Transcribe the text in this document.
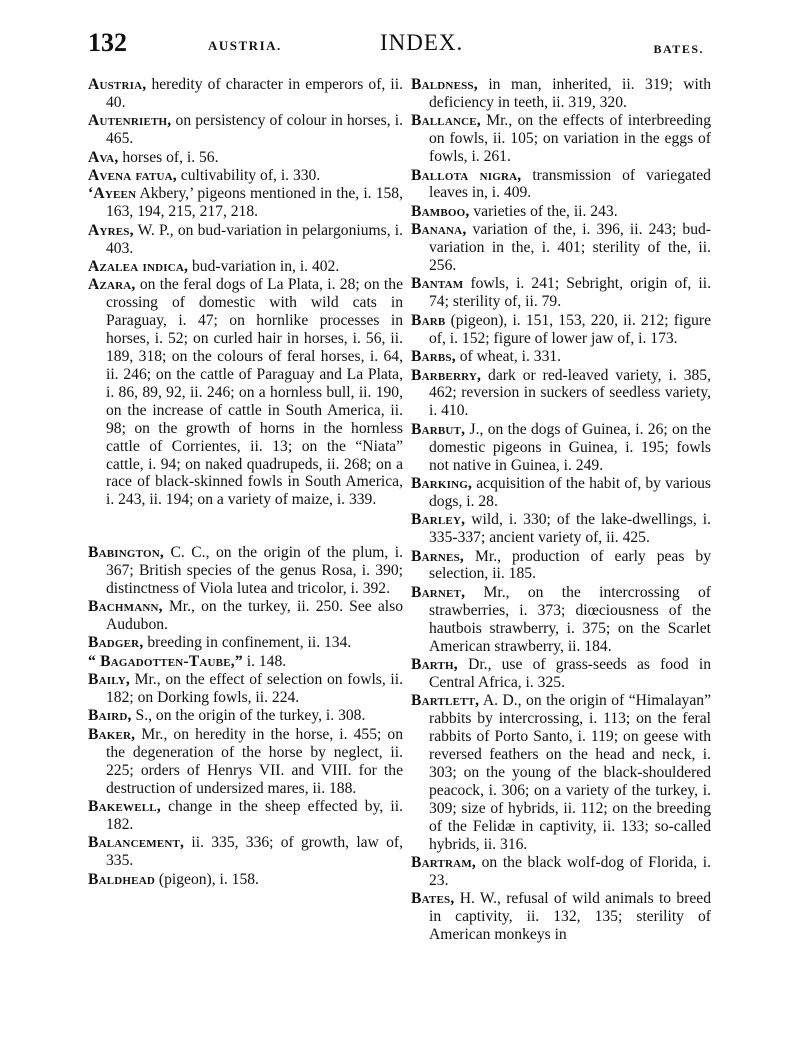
132	AUSTRIA.	INDEX.	BATES.

Austria, heredity of character in emperors of, ii. 40.

Autenrieth, on persistency of colour in horses, i. 465.

Ava, horses of, i. 56.

Avena fatua, cultivability of, i. 330.

‘Ayeen Akbery,’ pigeons mentioned in the, i. 158, 163, 194, 215, 217, 218.

Ayres, W. P., on bud-variation in pelargoniums, i. 403.

Azalea indica, bud-variation in, i. 402.

Azara, on the feral dogs of La Plata, i. 28; on the crossing of domestic with wild cats in Paraguay, i. 47; on hornlike processes in horses, i. 52; on curled hair in horses, i. 56, ii. 189, 318; on the colours of feral horses, i. 64, ii. 246; on the cattle of Paraguay and La Plata, i. 86, 89, 92, ii. 246; on a hornless bull, ii. 190, on the increase of cattle in South America, ii. 98; on the growth of horns in the hornless cattle of Corrientes, ii. 13; on the “Niata” cattle, i. 94; on naked quadrupeds, ii. 268; on a race of black-skinned fowls in South America, i. 243, ii. 194; on a variety of maize, i. 339.

Babington, C. C., on the origin of the plum, i. 367; British species of the genus Rosa, i. 390; distinctness of Viola lutea and tricolor, i. 392.

Bachmann, Mr., on the turkey, ii. 250. See also Audubon.

Badger, breeding in confinement, ii. 134.

“ Bagadotten-Taube,” i. 148.

Baily, Mr., on the effect of selection on fowls, ii. 182; on Dorking fowls, ii. 224.

Baird, S., on the origin of the turkey, i. 308.

Baker, Mr., on heredity in the horse, i. 455; on the degeneration of the horse by neglect, ii. 225; orders of Henrys VII. and VIII. for the destruction of undersized mares, ii. 188.

Bakewell, change in the sheep effected by, ii. 182.

Balancement, ii. 335, 336; of growth, law of, 335.

Baldhead (pigeon), i. 158.

Baldness, in man, inherited, ii. 319; with deficiency in teeth, ii. 319, 320.

Ballance, Mr., on the effects of interbreeding on fowls, ii. 105; on variation in the eggs of fowls, i. 261.

Ballota nigra, transmission of variegated leaves in, i. 409.

Bamboo, varieties of the, ii. 243.

Banana, variation of the, i. 396, ii. 243; bud-variation in the, i. 401; sterility of the, ii. 256.

Bantam fowls, i. 241; Sebright, origin of, ii. 74; sterility of, ii. 79.

Barb (pigeon), i. 151, 153, 220, ii. 212; figure of, i. 152; figure of lower jaw of, i. 173.

Barbs, of wheat, i. 331.

Barberry, dark or red-leaved variety, i. 385, 462; reversion in suckers of seedless variety, i. 410.

Barbut, J., on the dogs of Guinea, i. 26; on the domestic pigeons in Guinea, i. 195; fowls not native in Guinea, i. 249.

Barking, acquisition of the habit of, by various dogs, i. 28.

Barley, wild, i. 330; of the lake-dwellings, i. 335-337; ancient variety of, ii. 425.

Barnes, Mr., production of early peas by selection, ii. 185.

Barnet, Mr., on the intercrossing of strawberries, i. 373; diœciousness of the hautbois strawberry, i. 375; on the Scarlet American strawberry, ii. 184.

Barth, Dr., use of grass-seeds as food in Central Africa, i. 325.

Bartlett, A. D., on the origin of “Himalayan” rabbits by intercrossing, i. 113; on the feral rabbits of Porto Santo, i. 119; on geese with reversed feathers on the head and neck, i. 303; on the young of the black-shouldered peacock, i. 306; on a variety of the turkey, i. 309; size of hybrids, ii. 112; on the breeding of the Felidæ in captivity, ii. 133; so-called hybrids, ii. 316.

Bartram, on the black wolf-dog of Florida, i. 23.

Bates, H. W., refusal of wild animals to breed in captivity, ii. 132, 135; sterility of American monkeys in
